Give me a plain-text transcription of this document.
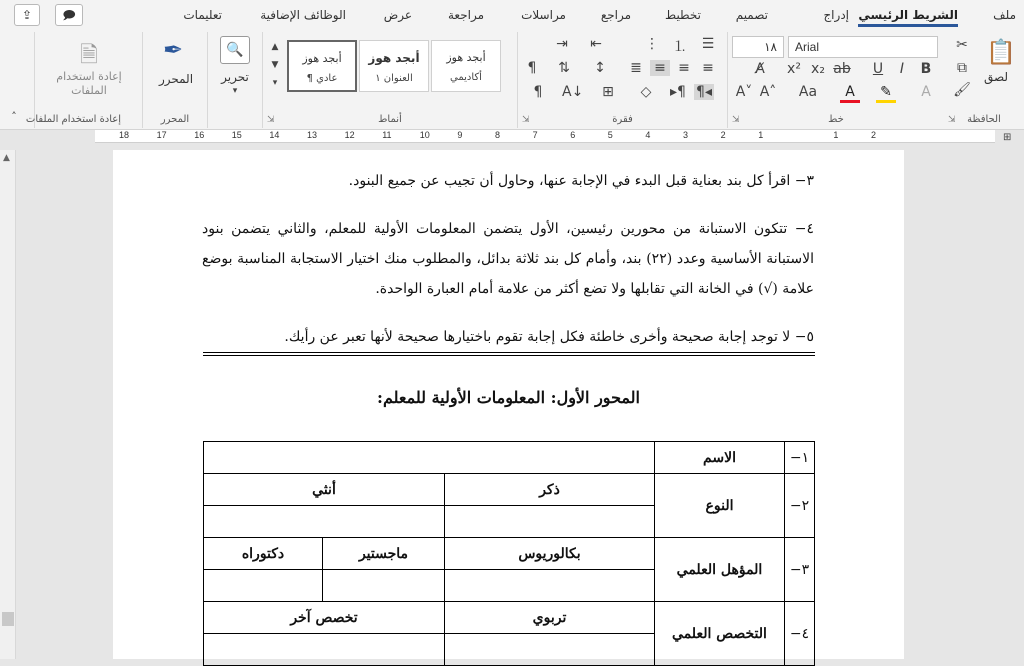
ملف
الشريط الرئيسي
إدراج
تصميم
تخطيط
مراجع
مراسلات
مراجعة
عرض
الوظائف الإضافية
تعليمات
⇪	🗩
📋
لصق
✂
⧉
🖌
الحافظة
⇲
Arial
١٨
B
I
U
ab
x₂
x²
A̸
A
✎
A
Aa
A˄
A˅
خط
⇲
☰
⒈
⋮
⇤
⇥
≡
≡
≡
≣
↕
⇅
¶
¶◂
▸¶
◇
⊞
A↓
¶
فقرة
⇲
أبجد هوز
أكاديمي
أبجد هوز
العنوان ١
أبجد هوز
¶ عادي
▲
▼
▾
أنماط
⇲
🔍
تحرير
▾
✒
المحرر
المحرر
🗎
إعادة استخدام الملفات
إعادة استخدام الملفات
˄
2
1
1
2
3
4
5
6
7
8
9
10
11
12
13
14
15
16
17
18	⊞
▲

٣− اقرأ كل بند بعناية قبل البدء في الإجابة عنها، وحاول أن تجيب عن جميع البنود.

٤− تتكون الاستبانة من محورين رئيسين، الأول يتضمن المعلومات الأولية للمعلم، والثاني يتضمن بنود الاستبانة الأساسية وعدد (٢٢) بند، وأمام كل بند ثلاثة بدائل، والمطلوب منك اختيار الاستجابة المناسبة بوضع علامة (√) في الخانة التي تقابلها ولا تضع أكثر من علامة أمام العبارة الواحدة.

٥− لا توجد إجابة صحيحة وأخرى خاطئة فكل إجابة تقوم باختيارها صحيحة لأنها تعبر عن رأيك.

المحور الأول: المعلومات الأولية للمعلم:
١−	الاسم			
٢−	النوع	ذكر	أنثي	

٣−	المؤهل العلمي	بكالوريوس	ماجستير	دكتوراه

٤−	التخصص العلمي	تربوي	تخصص آخر	
